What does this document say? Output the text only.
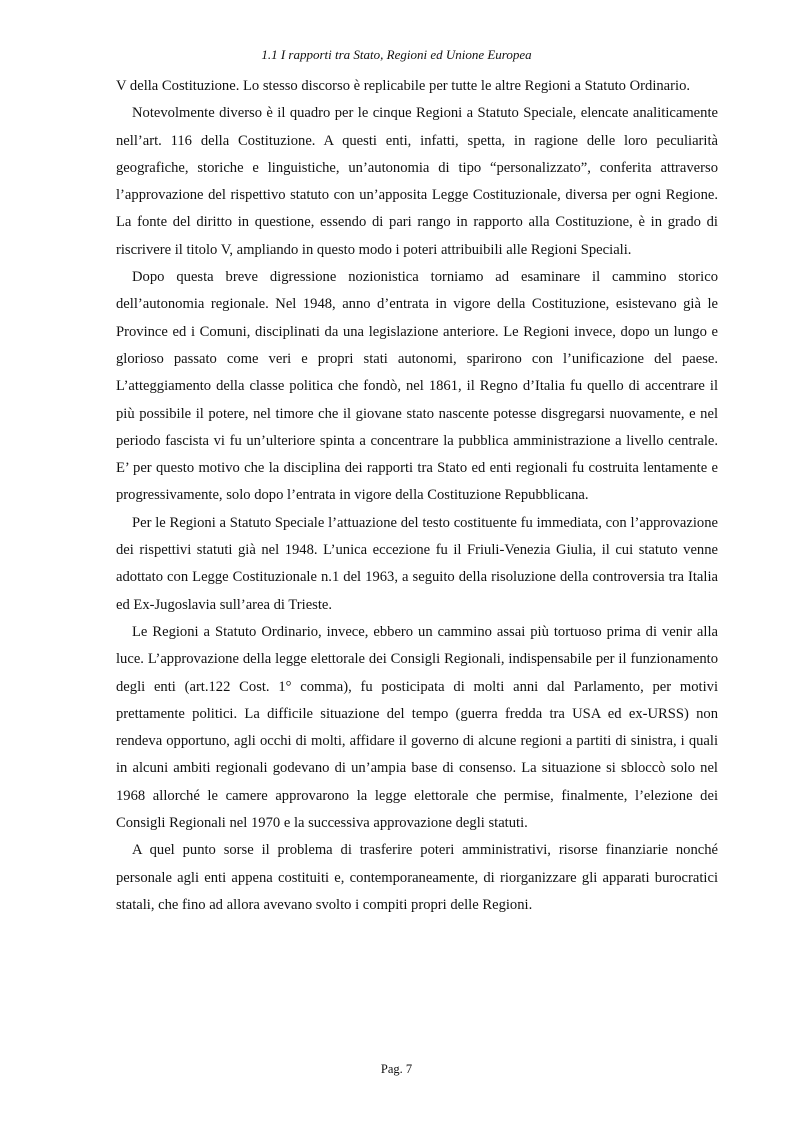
1.1 I rapporti tra Stato, Regioni ed Unione Europea

V della Costituzione. Lo stesso discorso è replicabile per tutte le altre Regioni a Statuto Ordinario.

Notevolmente diverso è il quadro per le cinque Regioni a Statuto Speciale, elencate analiticamente nell’art. 116 della Costituzione. A questi enti, infatti, spetta, in ragione delle loro peculiarità geografiche, storiche e linguistiche, un’autonomia di tipo “personalizzato”, conferita attraverso l’approvazione del rispettivo statuto con un’apposita Legge Costituzionale, diversa per ogni Regione. La fonte del diritto in questione, essendo di pari rango in rapporto alla Costituzione, è in grado di riscrivere il titolo V, ampliando in questo modo i poteri attribuibili alle Regioni Speciali.

Dopo questa breve digressione nozionistica torniamo ad esaminare il cammino storico dell’autonomia regionale. Nel 1948, anno d’entrata in vigore della Costituzione, esistevano già le Province ed i Comuni, disciplinati da una legislazione anteriore. Le Regioni invece, dopo un lungo e glorioso passato come veri e propri stati autonomi, sparirono con l’unificazione del paese. L’atteggiamento della classe politica che fondò, nel 1861, il Regno d’Italia fu quello di accentrare il più possibile il potere, nel timore che il giovane stato nascente potesse disgregarsi nuovamente, e nel periodo fascista vi fu un’ulteriore spinta a concentrare la pubblica amministrazione a livello centrale. E’ per questo motivo che la disciplina dei rapporti tra Stato ed enti regionali fu costruita lentamente e progressivamente, solo dopo l’entrata in vigore della Costituzione Repubblicana.

Per le Regioni a Statuto Speciale l’attuazione del testo costituente fu immediata, con l’approvazione dei rispettivi statuti già nel 1948. L’unica eccezione fu il Friuli-Venezia Giulia, il cui statuto venne adottato con Legge Costituzionale n.1 del 1963, a seguito della risoluzione della controversia tra Italia ed Ex-Jugoslavia sull’area di Trieste.

Le Regioni a Statuto Ordinario, invece, ebbero un cammino assai più tortuoso prima di venir alla luce. L’approvazione della legge elettorale dei Consigli Regionali, indispensabile per il funzionamento degli enti (art.122 Cost. 1° comma), fu posticipata di molti anni dal Parlamento, per motivi prettamente politici. La difficile situazione del tempo (guerra fredda tra USA ed ex-URSS) non rendeva opportuno, agli occhi di molti, affidare il governo di alcune regioni a partiti di sinistra, i quali in alcuni ambiti regionali godevano di un’ampia base di consenso. La situazione si sbloccò solo nel 1968 allorché le camere approvarono la legge elettorale che permise, finalmente, l’elezione dei Consigli Regionali nel 1970 e la successiva approvazione degli statuti.

A quel punto sorse il problema di trasferire poteri amministrativi, risorse finanziarie nonché personale agli enti appena costituiti e, contemporaneamente, di riorganizzare gli apparati burocratici statali, che fino ad allora avevano svolto i compiti propri delle Regioni.

Pag. 7
